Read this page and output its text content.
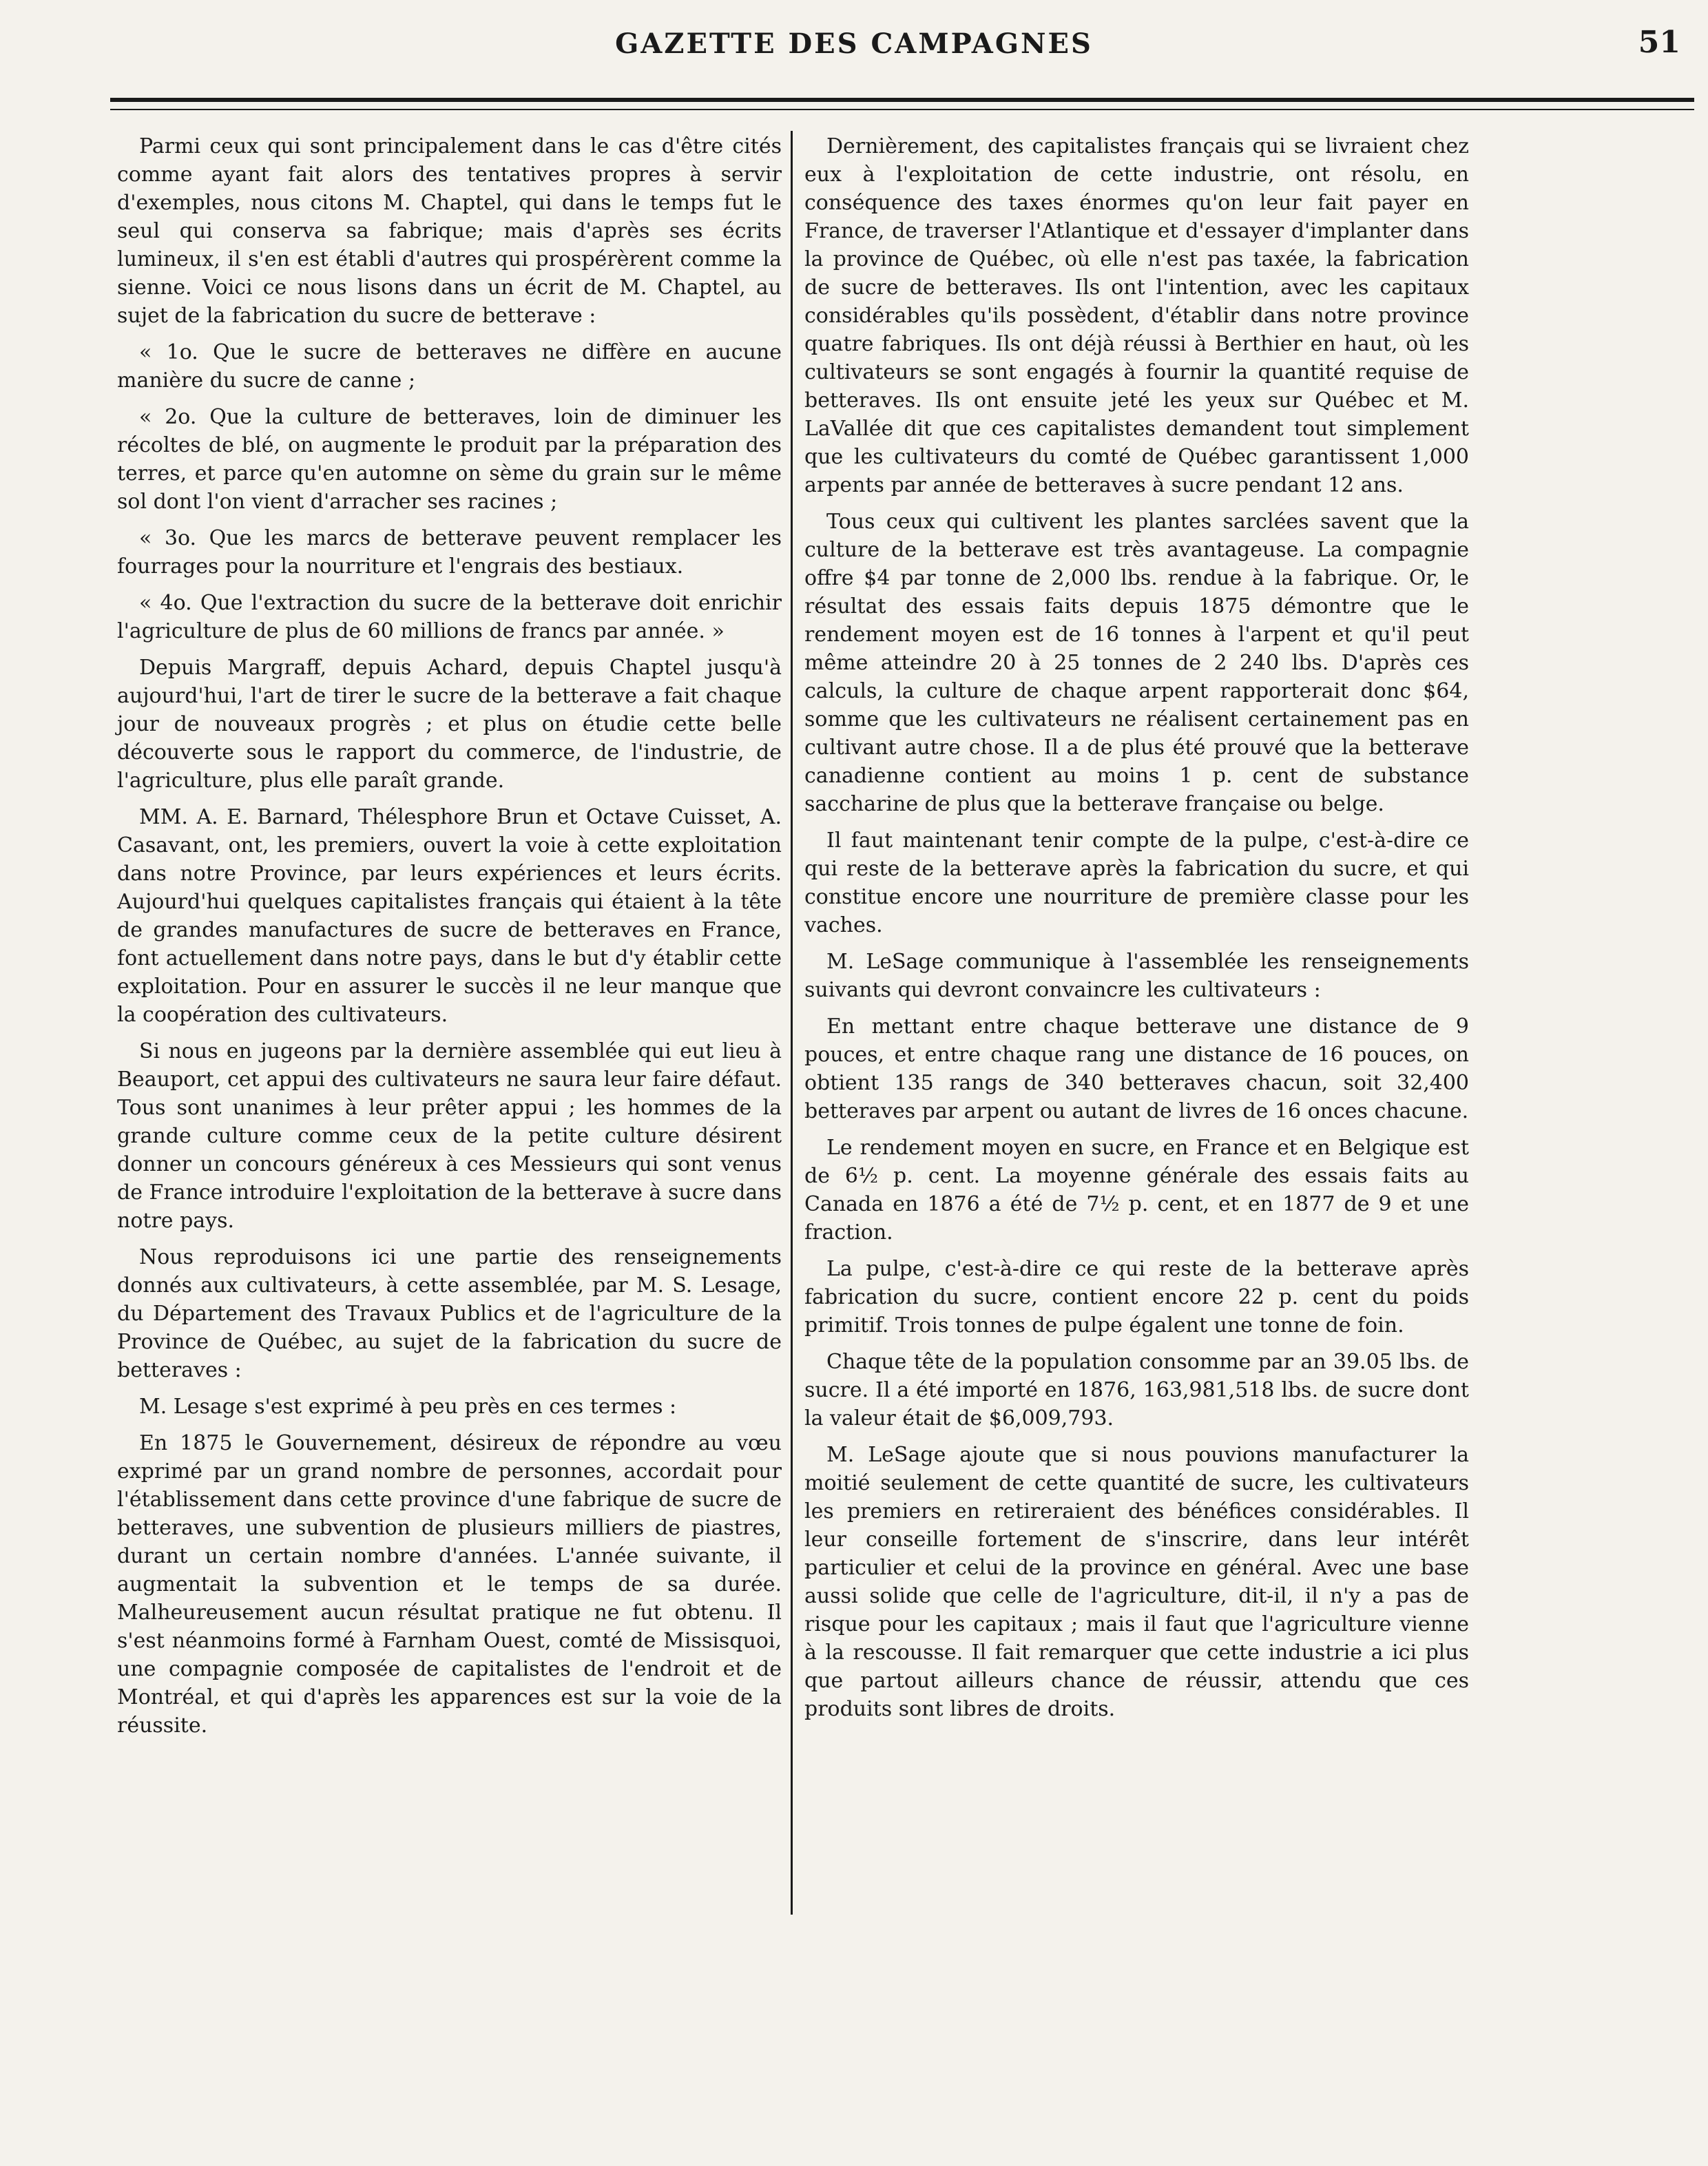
GAZETTE DES CAMPAGNES	51

Parmi ceux qui sont principalement dans le cas d'être cités comme ayant fait alors des tentatives propres à servir d'exemples, nous citons M. Chaptel, qui dans le temps fut le seul qui conserva sa fabrique; mais d'après ses écrits lumineux, il s'en est établi d'autres qui prospérèrent comme la sienne. Voici ce nous lisons dans un écrit de M. Chaptel, au sujet de la fabrication du sucre de betterave :

« 1o. Que le sucre de betteraves ne diffère en aucune manière du sucre de canne ;

« 2o. Que la culture de betteraves, loin de diminuer les récoltes de blé, on augmente le produit par la préparation des terres, et parce qu'en automne on sème du grain sur le même sol dont l'on vient d'arracher ses racines ;

« 3o. Que les marcs de betterave peuvent remplacer les fourrages pour la nourriture et l'engrais des bestiaux.

« 4o. Que l'extraction du sucre de la betterave doit enrichir l'agriculture de plus de 60 millions de francs par année. »

Depuis Margraff, depuis Achard, depuis Chaptel jusqu'à aujourd'hui, l'art de tirer le sucre de la betterave a fait chaque jour de nouveaux progrès ; et plus on étudie cette belle découverte sous le rapport du commerce, de l'industrie, de l'agriculture, plus elle paraît grande.

MM. A. E. Barnard, Thélesphore Brun et Octave Cuisset, A. Casavant, ont, les premiers, ouvert la voie à cette exploitation dans notre Province, par leurs expériences et leurs écrits. Aujourd'hui quelques capitalistes français qui étaient à la tête de grandes manufactures de sucre de betteraves en France, font actuellement dans notre pays, dans le but d'y établir cette exploitation. Pour en assurer le succès il ne leur manque que la coopération des cultivateurs.

Si nous en jugeons par la dernière assemblée qui eut lieu à Beauport, cet appui des cultivateurs ne saura leur faire défaut. Tous sont unanimes à leur prêter appui ; les hommes de la grande culture comme ceux de la petite culture désirent donner un concours généreux à ces Messieurs qui sont venus de France introduire l'exploitation de la betterave à sucre dans notre pays.

Nous reproduisons ici une partie des renseignements donnés aux cultivateurs, à cette assemblée, par M. S. Lesage, du Département des Travaux Publics et de l'agriculture de la Province de Québec, au sujet de la fabrication du sucre de betteraves :

M. Lesage s'est exprimé à peu près en ces termes :

En 1875 le Gouvernement, désireux de répondre au vœu exprimé par un grand nombre de personnes, accordait pour l'établissement dans cette province d'une fabrique de sucre de betteraves, une subvention de plusieurs milliers de piastres, durant un certain nombre d'années. L'année suivante, il augmentait la subvention et le temps de sa durée. Malheureusement aucun résultat pratique ne fut obtenu. Il s'est néanmoins formé à Farnham Ouest, comté de Missisquoi, une compagnie composée de capitalistes de l'endroit et de Montréal, et qui d'après les apparences est sur la voie de la réussite.

Dernièrement, des capitalistes français qui se livraient chez eux à l'exploitation de cette industrie, ont résolu, en conséquence des taxes énormes qu'on leur fait payer en France, de traverser l'Atlantique et d'essayer d'implanter dans la province de Québec, où elle n'est pas taxée, la fabrication de sucre de betteraves. Ils ont l'intention, avec les capitaux considérables qu'ils possèdent, d'établir dans notre province quatre fabriques. Ils ont déjà réussi à Berthier en haut, où les cultivateurs se sont engagés à fournir la quantité requise de betteraves. Ils ont ensuite jeté les yeux sur Québec et M. LaVallée dit que ces capitalistes demandent tout simplement que les cultivateurs du comté de Québec garantissent 1,000 arpents par année de betteraves à sucre pendant 12 ans.

Tous ceux qui cultivent les plantes sarclées savent que la culture de la betterave est très avantageuse. La compagnie offre $4 par tonne de 2,000 lbs. rendue à la fabrique. Or, le résultat des essais faits depuis 1875 démontre que le rendement moyen est de 16 tonnes à l'arpent et qu'il peut même atteindre 20 à 25 tonnes de 2 240 lbs. D'après ces calculs, la culture de chaque arpent rapporterait donc $64, somme que les cultivateurs ne réalisent certainement pas en cultivant autre chose. Il a de plus été prouvé que la betterave canadienne contient au moins 1 p. cent de substance saccharine de plus que la betterave française ou belge.

Il faut maintenant tenir compte de la pulpe, c'est-à-dire ce qui reste de la betterave après la fabrication du sucre, et qui constitue encore une nourriture de première classe pour les vaches.

M. LeSage communique à l'assemblée les renseignements suivants qui devront convaincre les cultivateurs :

En mettant entre chaque betterave une distance de 9 pouces, et entre chaque rang une distance de 16 pouces, on obtient 135 rangs de 340 betteraves chacun, soit 32,400 betteraves par arpent ou autant de livres de 16 onces chacune.

Le rendement moyen en sucre, en France et en Belgique est de 6½ p. cent. La moyenne générale des essais faits au Canada en 1876 a été de 7½ p. cent, et en 1877 de 9 et une fraction.

La pulpe, c'est-à-dire ce qui reste de la betterave après fabrication du sucre, contient encore 22 p. cent du poids primitif. Trois tonnes de pulpe égalent une tonne de foin.

Chaque tête de la population consomme par an 39.05 lbs. de sucre. Il a été importé en 1876, 163,981,518 lbs. de sucre dont la valeur était de $6,009,793.

M. LeSage ajoute que si nous pouvions manufacturer la moitié seulement de cette quantité de sucre, les cultivateurs les premiers en retireraient des bénéfices considérables. Il leur conseille fortement de s'inscrire, dans leur intérêt particulier et celui de la province en général. Avec une base aussi solide que celle de l'agriculture, dit-il, il n'y a pas de risque pour les capitaux ; mais il faut que l'agriculture vienne à la rescousse. Il fait remarquer que cette industrie a ici plus que partout ailleurs chance de réussir, attendu que ces produits sont libres de droits.
